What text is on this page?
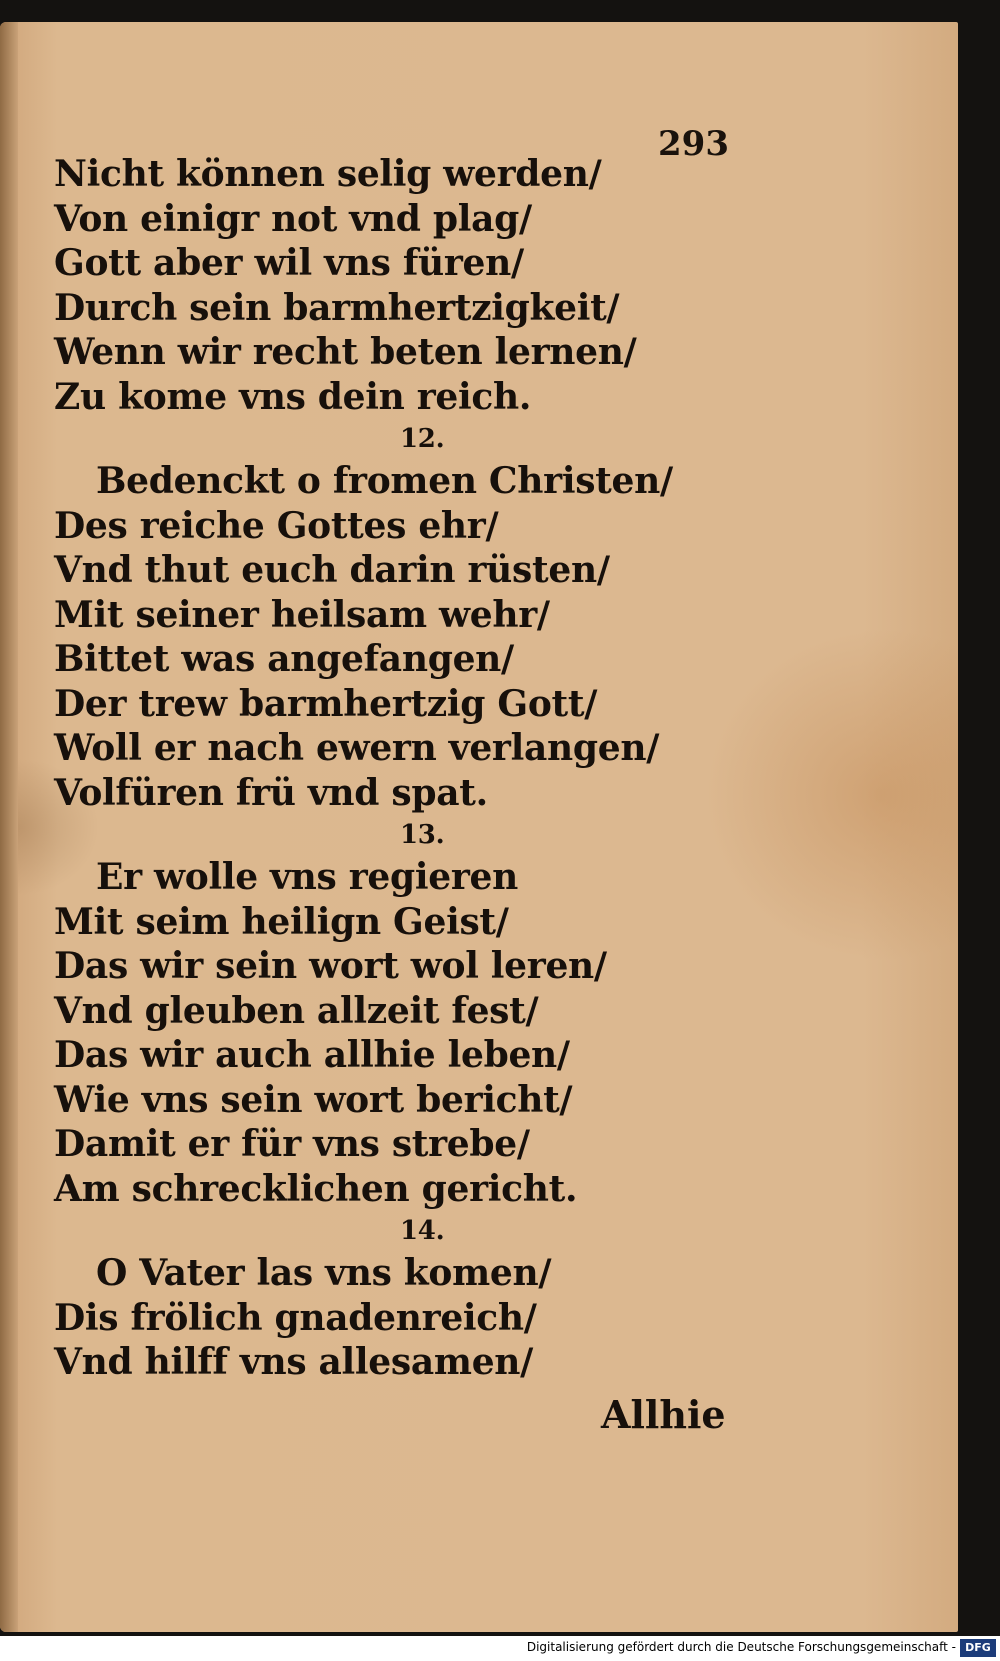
293
Nicht können selig werden/
Von einigr not vnd plag/
Gott aber wil vns füren/
Durch sein barmhertzigkeit/
Wenn wir recht beten lernen/
Zu kome vns dein reich.
12.
Bedenckt o fromen Christen/
Des reiche Gottes ehr/
Vnd thut euch darin rüsten/
Mit seiner heilsam wehr/
Bittet was angefangen/
Der trew barmhertzig Gott/
Woll er nach ewern verlangen/
Volfüren frü vnd spat.
13.
Er wolle vns regieren
Mit seim heilign Geist/
Das wir sein wort wol leren/
Vnd gleuben allzeit fest/
Das wir auch allhie leben/
Wie vns sein wort bericht/
Damit er für vns strebe/
Am schrecklichen gericht.
14.
O Vater las vns komen/
Dis frölich gnadenreich/
Vnd hilff vns allesamen/
Allhie
Digitalisierung gefördert durch die Deutsche Forschungsgemeinschaft - DFG
